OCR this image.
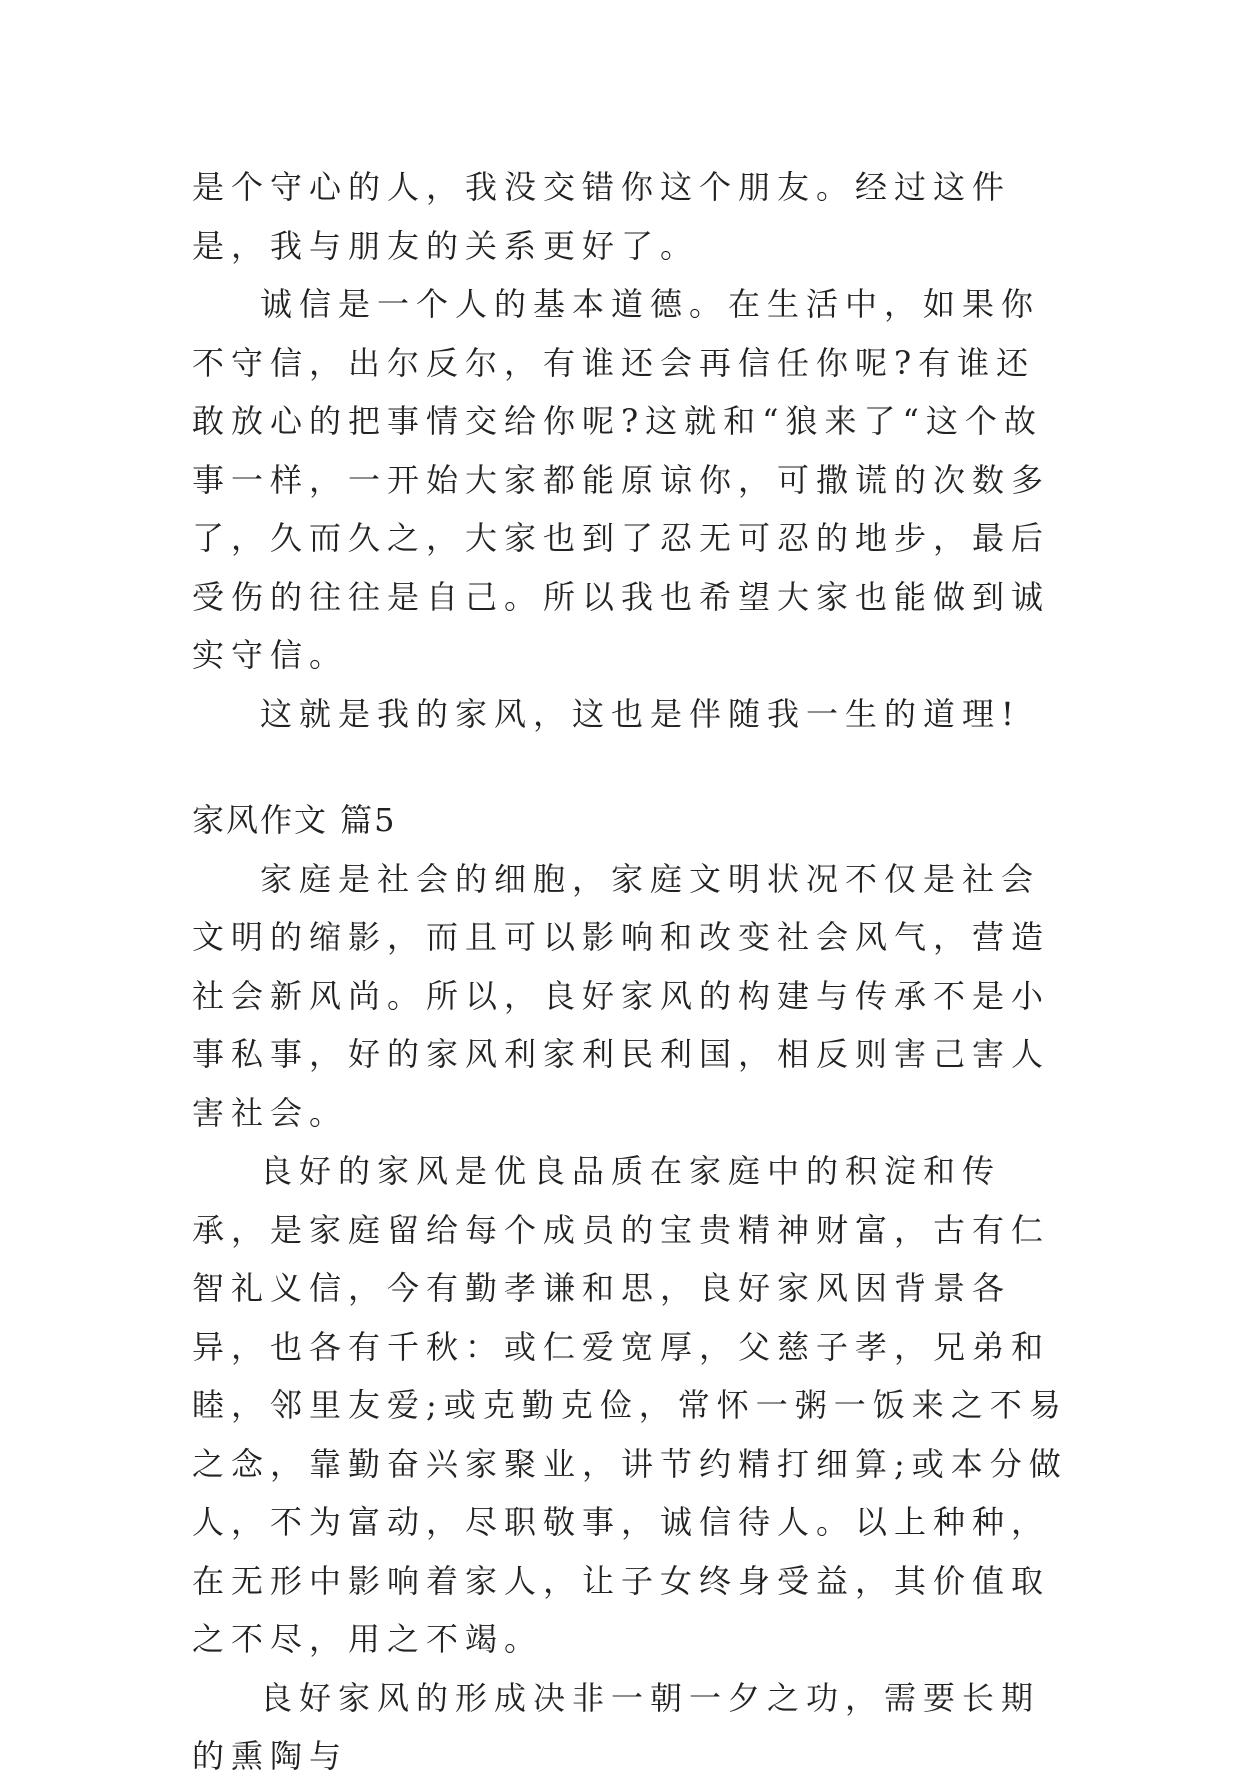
是个守心的人，我没交错你这个朋友。经过这件是，我与朋友的关系更好了。

诚信是一个人的基本道德。在生活中，如果你不守信，出尔反尔，有谁还会再信任你呢?有谁还敢放心的把事情交给你呢?这就和“狼来了“这个故事一样，一开始大家都能原谅你，可撒谎的次数多了，久而久之，大家也到了忍无可忍的地步，最后受伤的往往是自己。所以我也希望大家也能做到诚实守信。

这就是我的家风，这也是伴随我一生的道理!

家风作文 篇5

家庭是社会的细胞，家庭文明状况不仅是社会文明的缩影，而且可以影响和改变社会风气，营造社会新风尚。所以，良好家风的构建与传承不是小事私事，好的家风利家利民利国，相反则害己害人害社会。

良好的家风是优良品质在家庭中的积淀和传承，是家庭留给每个成员的宝贵精神财富，古有仁智礼义信，今有勤孝谦和思，良好家风因背景各异，也各有千秋：或仁爱宽厚，父慈子孝，兄弟和睦，邻里友爱;或克勤克俭，常怀一粥一饭来之不易之念，靠勤奋兴家聚业，讲节约精打细算;或本分做人，不为富动，尽职敬事，诚信待人。以上种种，在无形中影响着家人，让子女终身受益，其价值取之不尽，用之不竭。

良好家风的形成决非一朝一夕之功，需要长期的熏陶与
